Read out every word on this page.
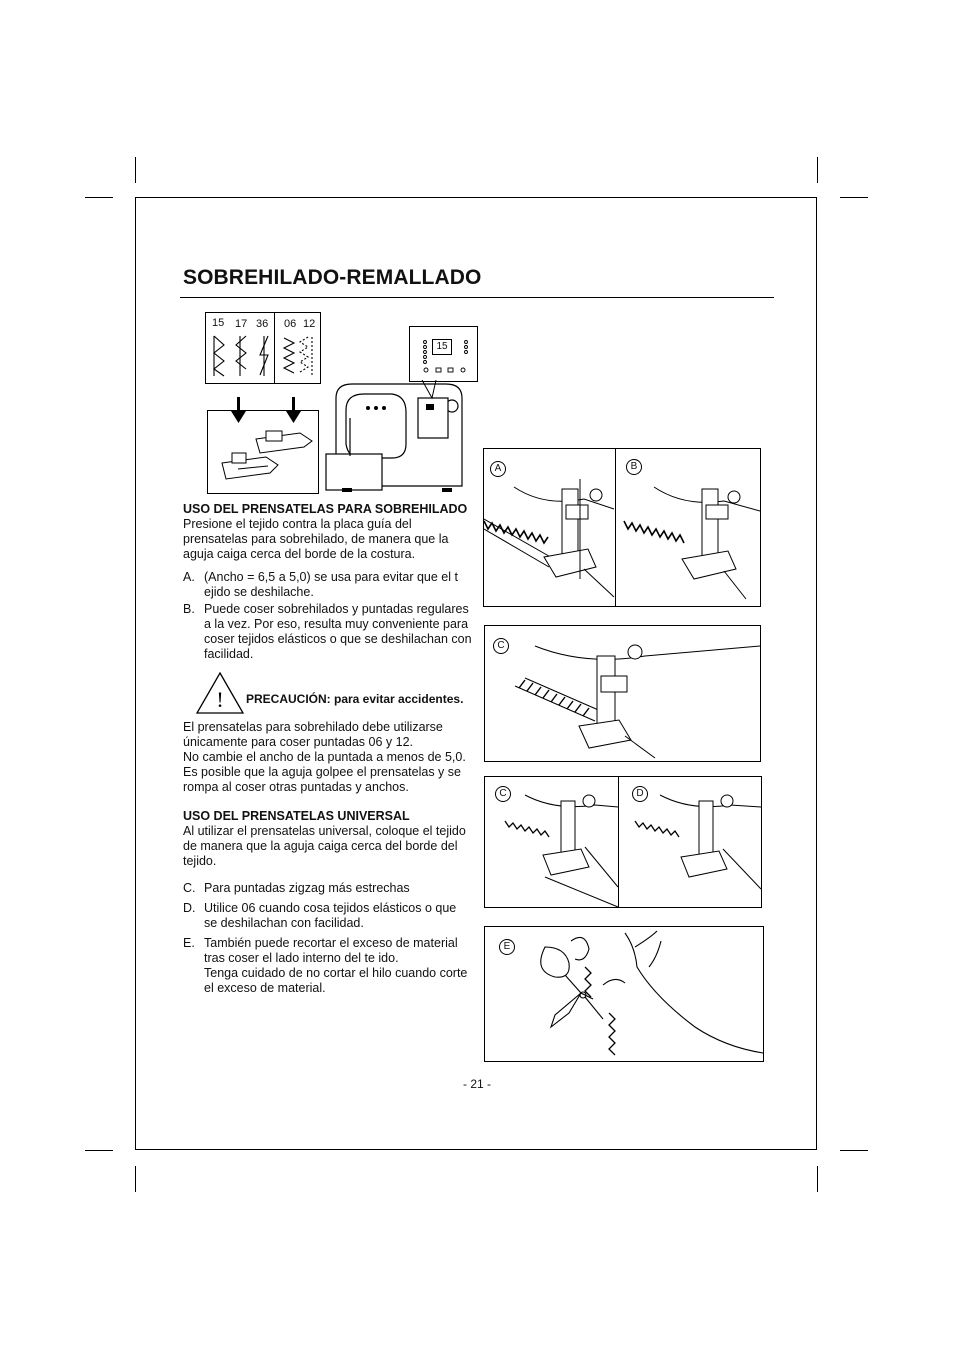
SOBREHILADO-REMALLADO
15 17 36 06 12
15
USO DEL PRENSATELAS PARA SOBREHILADO
Presione el tejido contra la placa guía del
prensatelas para sobrehilado, de manera que la
aguja caiga cerca del borde de la costura.
A. (Ancho = 6,5 a 5,0) se usa para evitar que el t
ejido se deshilache.
B. Puede coser sobrehilados y puntadas regulares
a la vez. Por eso, resulta muy conveniente para
coser tejidos elásticos o que se deshilachan con
facilidad.
! PRECAUCIÓN: para evitar accidentes.
El prensatelas para sobrehilado debe utilizarse
únicamente para coser puntadas 06 y 12.
No cambie el ancho de la puntada a menos de 5,0.
Es posible que la aguja golpee el prensatelas y se
rompa al coser otras puntadas y anchos.
USO DEL PRENSATELAS UNIVERSAL
Al utilizar el prensatelas universal, coloque el tejido
de manera que la aguja caiga cerca del borde del
tejido.
C. Para puntadas zigzag más estrechas
D. Utilice 06 cuando cosa tejidos elásticos o que
se deshilachan con facilidad.
E. También puede recortar el exceso de material
tras coser el lado interno del te ido.
Tenga cuidado de no cortar el hilo cuando corte
el exceso de material.
A	B
C
C	D
E
- 21 -
